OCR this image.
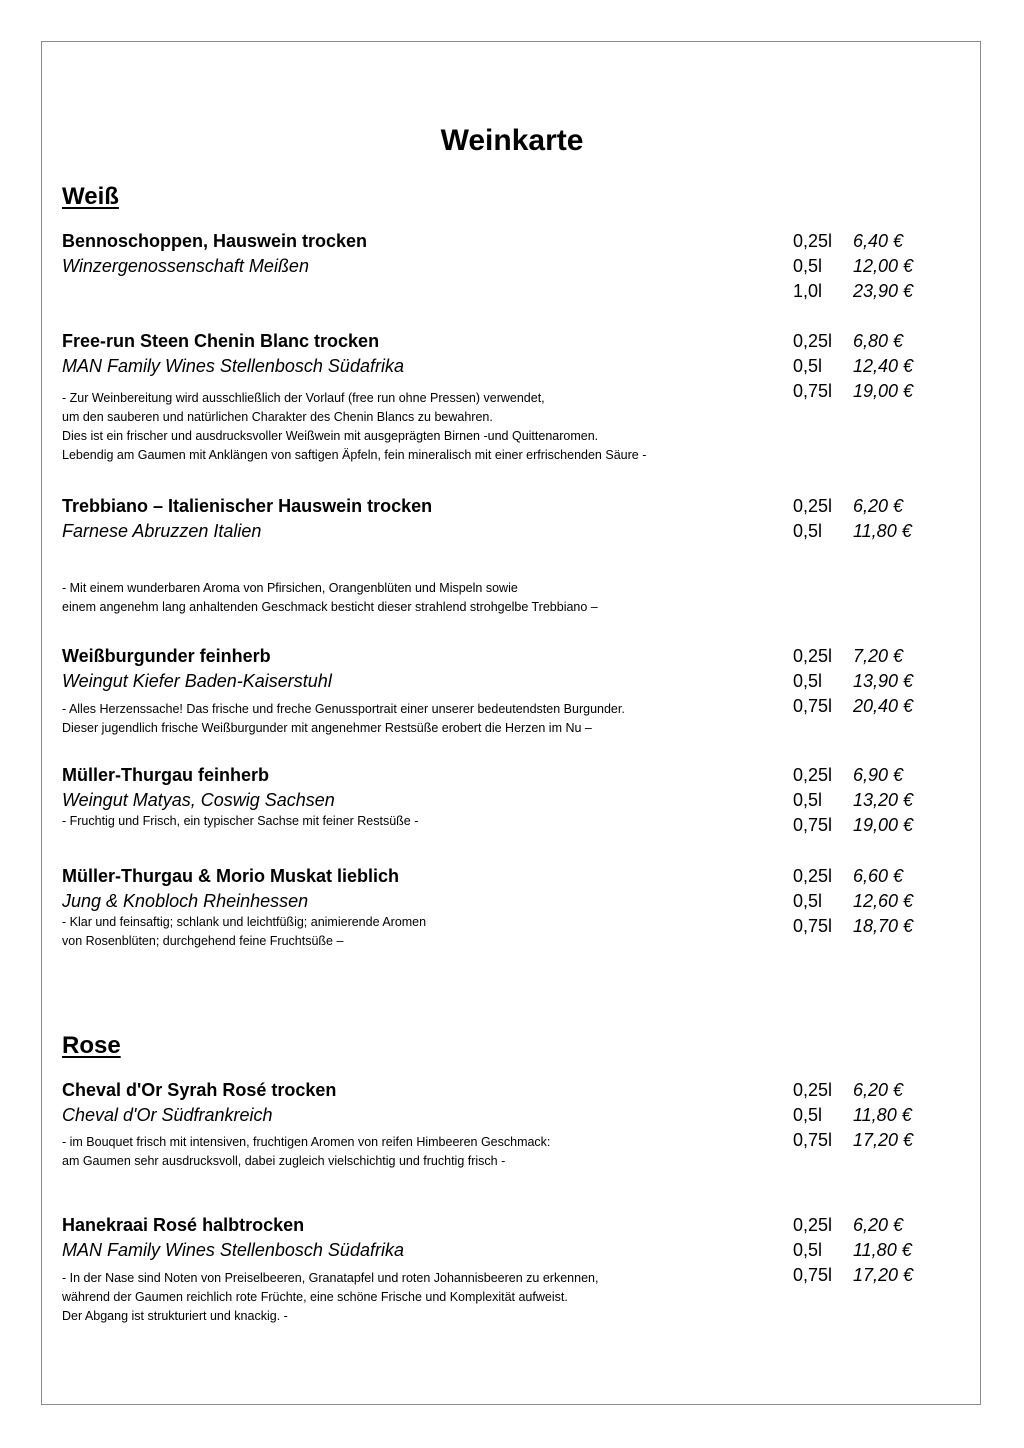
Weinkarte
Weiß
Bennoschoppen, Hauswein trocken
Winzergenossenschaft Meißen
0,25l 6,40 €
0,5l 12,00 €
1,0l 23,90 €
Free-run Steen Chenin Blanc trocken
MAN Family Wines Stellenbosch Südafrika
- Zur Weinbereitung wird ausschließlich der Vorlauf (free run ohne Pressen) verwendet,
um den sauberen und natürlichen Charakter des Chenin Blancs zu bewahren.
Dies ist ein frischer und ausdrucksvoller Weißwein mit ausgeprägten Birnen -und Quittenaromen.
Lebendig am Gaumen mit Anklängen von saftigen Äpfeln, fein mineralisch mit einer erfrischenden Säure -
0,25l 6,80 €
0,5l 12,40 €
0,75l 19,00 €
Trebbiano – Italienischer Hauswein trocken
Farnese Abruzzen Italien
- Mit einem wunderbaren Aroma von Pfirsichen, Orangenblüten und Mispeln sowie
einem angenehm lang anhaltenden Geschmack besticht dieser strahlend strohgelbe Trebbiano –
0,25l 6,20 €
0,5l 11,80 €
Weißburgunder feinherb
Weingut Kiefer Baden-Kaiserstuhl
- Alles Herzenssache! Das frische und freche Genussportrait einer unserer bedeutendsten Burgunder.
Dieser jugendlich frische Weißburgunder mit angenehmer Restsüße erobert die Herzen im Nu –
0,25l 7,20 €
0,5l 13,90 €
0,75l 20,40 €
Müller-Thurgau feinherb
Weingut Matyas, Coswig Sachsen
- Fruchtig und Frisch, ein typischer Sachse mit feiner Restsüße -
0,25l 6,90 €
0,5l 13,20 €
0,75l 19,00 €
Müller-Thurgau & Morio Muskat lieblich
Jung & Knobloch Rheinhessen
- Klar und feinsaftig; schlank und leichtfüßig; animierende Aromen
von Rosenblüten; durchgehend feine Fruchtsüße –
0,25l 6,60 €
0,5l 12,60 €
0,75l 18,70 €
Rose
Cheval d'Or Syrah Rosé trocken
Cheval d'Or Südfrankreich
- im Bouquet frisch mit intensiven, fruchtigen Aromen von reifen Himbeeren Geschmack:
am Gaumen sehr ausdrucksvoll, dabei zugleich vielschichtig und fruchtig frisch -
0,25l 6,20 €
0,5l 11,80 €
0,75l 17,20 €
Hanekraai Rosé halbtrocken
MAN Family Wines Stellenbosch Südafrika
- In der Nase sind Noten von Preiselbeeren, Granatapfel und roten Johannisbeeren zu erkennen,
während der Gaumen reichlich rote Früchte, eine schöne Frische und Komplexität aufweist.
Der Abgang ist strukturiert und knackig. -
0,25l 6,20 €
0,5l 11,80 €
0,75l 17,20 €
